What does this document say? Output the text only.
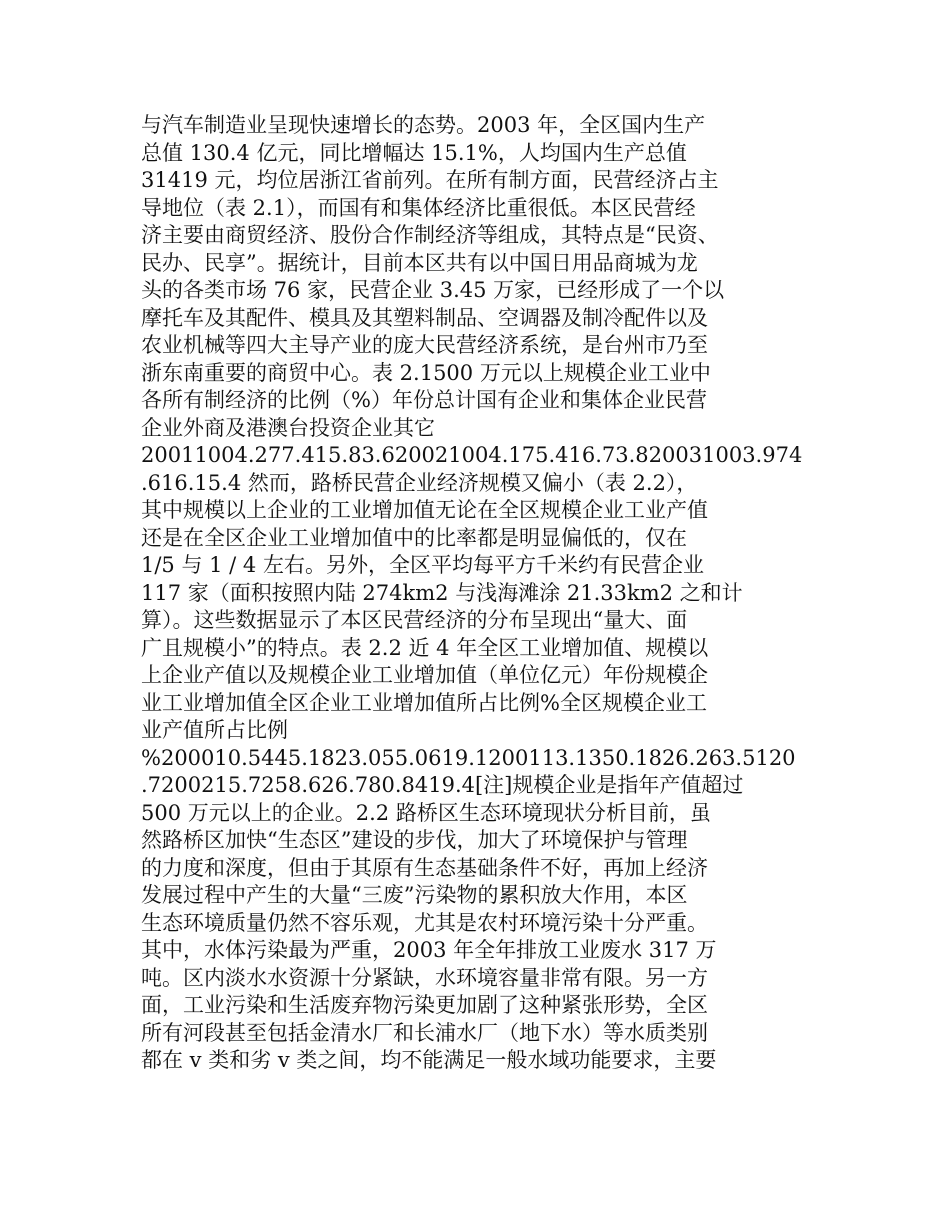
与汽车制造业呈现快速增长的态势。2003 年，全区国内生产
总值 130.4 亿元，同比增幅达 15.1%，人均国内生产总值
31419 元，均位居浙江省前列。在所有制方面，民营经济占主
导地位（表 2.1），而国有和集体经济比重很低。本区民营经
济主要由商贸经济、股份合作制经济等组成，其特点是“民资、
民办、民享”。据统计，目前本区共有以中国日用品商城为龙
头的各类市场 76 家，民营企业 3.45 万家，已经形成了一个以
摩托车及其配件、模具及其塑料制品、空调器及制冷配件以及
农业机械等四大主导产业的庞大民营经济系统，是台州市乃至
浙东南重要的商贸中心。表 2.1500 万元以上规模企业工业中
各所有制经济的比例（%）年份总计国有企业和集体企业民营
企业外商及港澳台投资企业其它
20011004.277.415.83.620021004.175.416.73.820031003.974
.616.15.4 然而，路桥民营企业经济规模又偏小（表 2.2），
其中规模以上企业的工业增加值无论在全区规模企业工业产值
还是在全区企业工业增加值中的比率都是明显偏低的，仅在
1/5 与 1 / 4 左右。另外，全区平均每平方千米约有民营企业
117 家（面积按照内陆 274km2 与浅海滩涂 21.33km2 之和计
算）。这些数据显示了本区民营经济的分布呈现出“量大、面
广且规模小”的特点。表 2.2 近 4 年全区工业增加值、规模以
上企业产值以及规模企业工业增加值（单位亿元）年份规模企
业工业增加值全区企业工业增加值所占比例%全区规模企业工
业产值所占比例
%200010.5445.1823.055.0619.1200113.1350.1826.263.5120
.7200215.7258.626.780.8419.4[注]规模企业是指年产值超过
500 万元以上的企业。2.2 路桥区生态环境现状分析目前，虽
然路桥区加快“生态区”建设的步伐，加大了环境保护与管理
的力度和深度，但由于其原有生态基础条件不好，再加上经济
发展过程中产生的大量“三废”污染物的累积放大作用，本区
生态环境质量仍然不容乐观，尤其是农村环境污染十分严重。
其中，水体污染最为严重，2003 年全年排放工业废水 317 万
吨。区内淡水水资源十分紧缺，水环境容量非常有限。另一方
面，工业污染和生活废弃物污染更加剧了这种紧张形势，全区
所有河段甚至包括金清水厂和长浦水厂（地下水）等水质类别
都在 v 类和劣 v 类之间，均不能满足一般水域功能要求，主要
